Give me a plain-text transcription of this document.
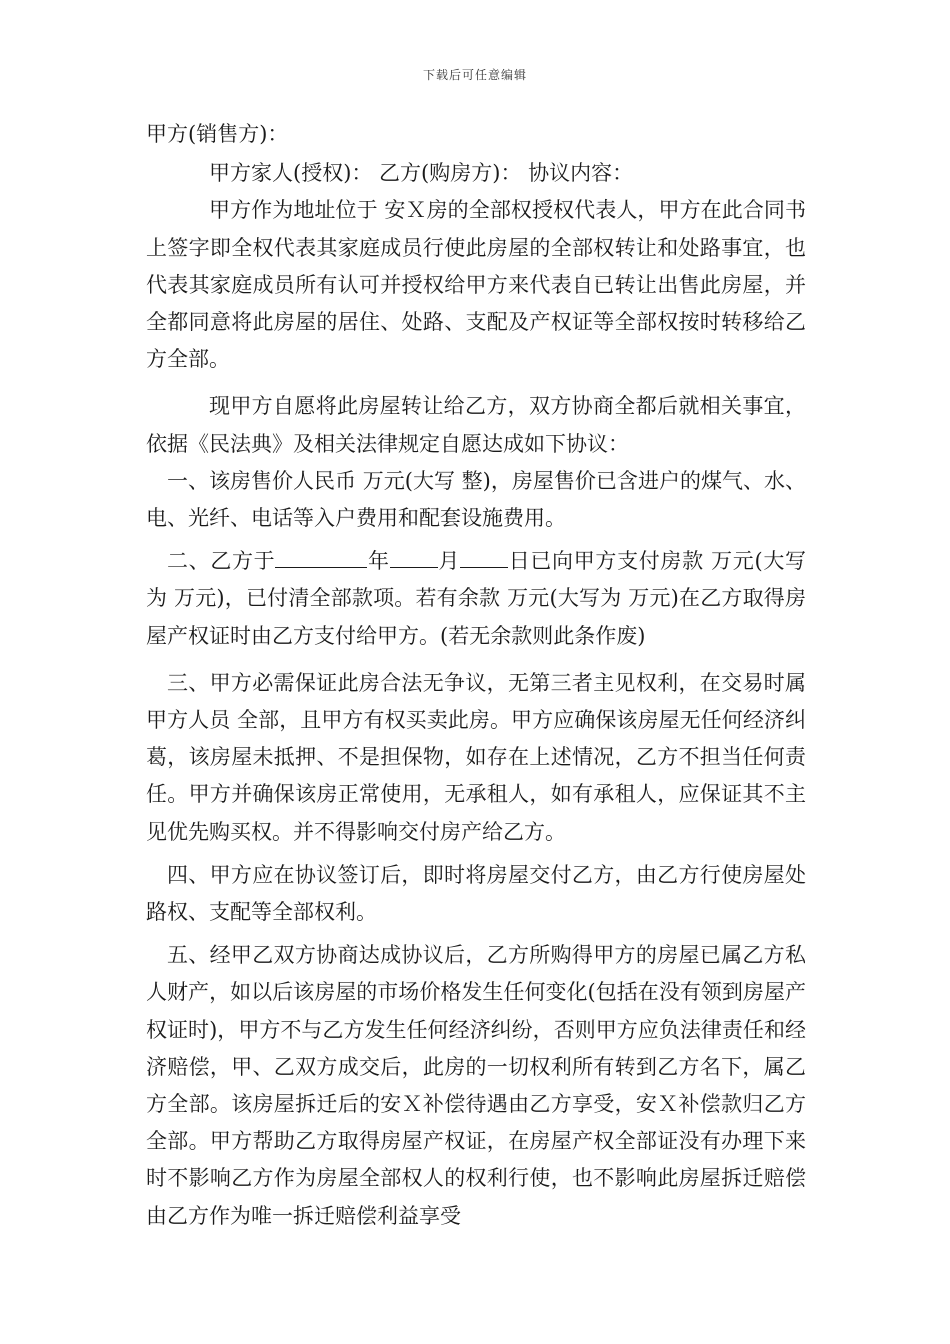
下载后可任意编辑

甲方(销售方)：

甲方家人(授权)： 乙方(购房方)： 协议内容：

甲方作为地址位于 安Ｘ房的全部权授权代表人，甲方在此合同书上签字即全权代表其家庭成员行使此房屋的全部权转让和处路事宜，也代表其家庭成员所有认可并授权给甲方来代表自已转让出售此房屋，并全都同意将此房屋的居住、处路、支配及产权证等全部权按时转移给乙方全部。

现甲方自愿将此房屋转让给乙方，双方协商全都后就相关事宜，依据《民法典》及相关法律规定自愿达成如下协议：

一、该房售价人民币 万元(大写 整)，房屋售价已含进户的煤气、水、电、光纤、电话等入户费用和配套设施费用。

二、乙方于	年 月 日已向甲方支付房款 万元(大写为 万元)，已付清全部款项。若有余款 万元(大写为 万元)在乙方取得房屋产权证时由乙方支付给甲方。(若无余款则此条作废)

三、甲方必需保证此房合法无争议，无第三者主见权利，在交易时属甲方人员 全部，且甲方有权买卖此房。甲方应确保该房屋无任何经济纠葛，该房屋未抵押、不是担保物，如存在上述情况，乙方不担当任何责任。甲方并确保该房正常使用，无承租人，如有承租人，应保证其不主见优先购买权。并不得影响交付房产给乙方。

四、甲方应在协议签订后，即时将房屋交付乙方，由乙方行使房屋处路权、支配等全部权利。

五、经甲乙双方协商达成协议后，乙方所购得甲方的房屋已属乙方私人财产，如以后该房屋的市场价格发生任何变化(包括在没有领到房屋产权证时)，甲方不与乙方发生任何经济纠纷，否则甲方应负法律责任和经济赔偿，甲、乙双方成交后，此房的一切权利所有转到乙方名下，属乙方全部。该房屋拆迁后的安Ｘ补偿待遇由乙方享受，安Ｘ补偿款归乙方全部。甲方帮助乙方取得房屋产权证，在房屋产权全部证没有办理下来时不影响乙方作为房屋全部权人的权利行使，也不影响此房屋拆迁赔偿由乙方作为唯一拆迁赔偿利益享受
